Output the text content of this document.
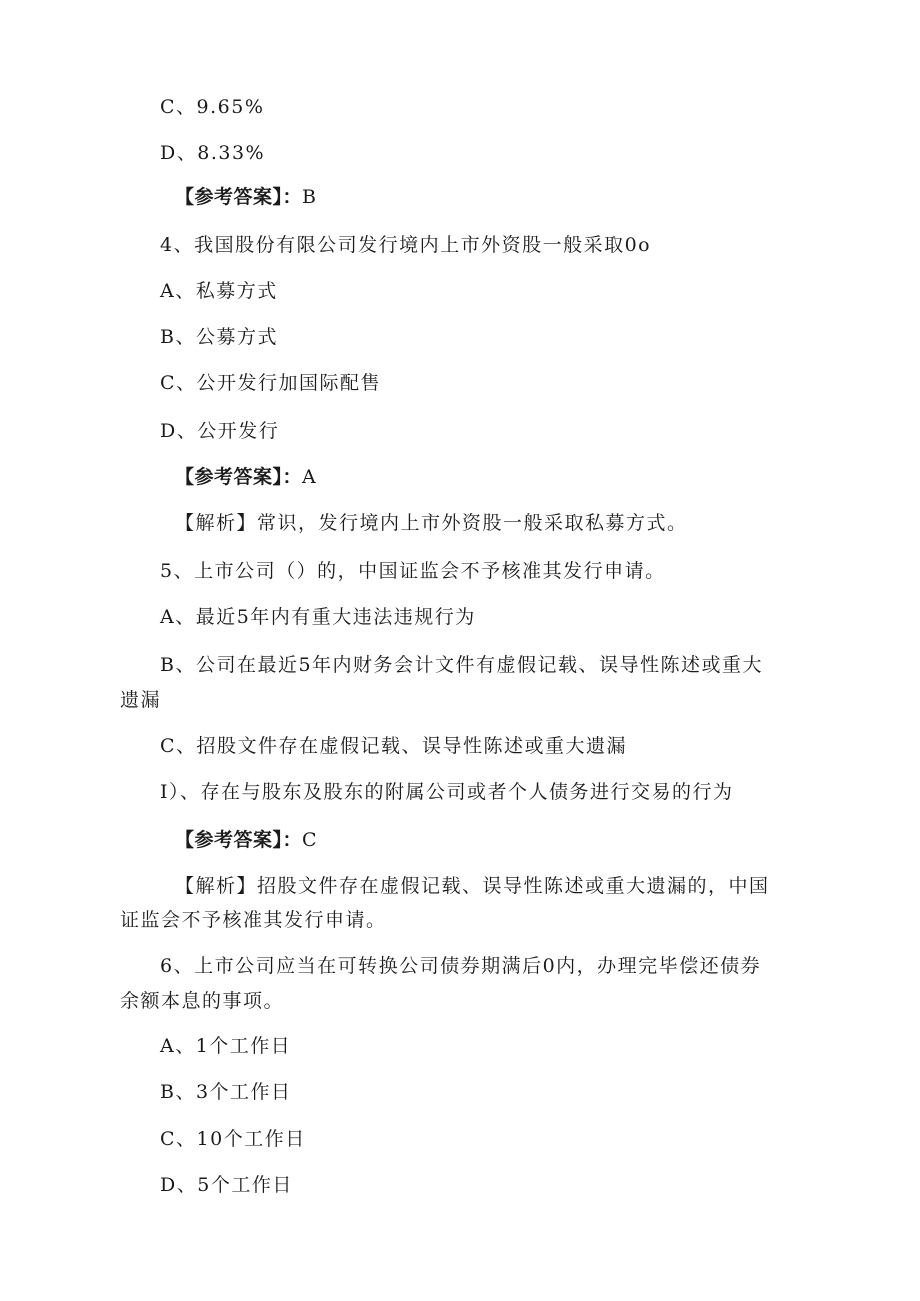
C、9.65%
D、8.33%
【参考答案】：B
4、我国股份有限公司发行境内上市外资股一般采取0o
A、私募方式
B、公募方式
C、公开发行加国际配售
D、公开发行
【参考答案】：A
【解析】常识，发行境内上市外资股一般采取私募方式。
5、上市公司（）的，中国证监会不予核准其发行申请。
A、最近5年内有重大违法违规行为
B、公司在最近5年内财务会计文件有虚假记载、误导性陈述或重大
遗漏
C、招股文件存在虚假记载、误导性陈述或重大遗漏
I）、存在与股东及股东的附属公司或者个人债务进行交易的行为
【参考答案】：C
【解析】招股文件存在虚假记载、误导性陈述或重大遗漏的，中国
证监会不予核准其发行申请。
6、上市公司应当在可转换公司债券期满后0内，办理完毕偿还债券
余额本息的事项。
A、1个工作日
B、3个工作日
C、10个工作日
D、5个工作日
